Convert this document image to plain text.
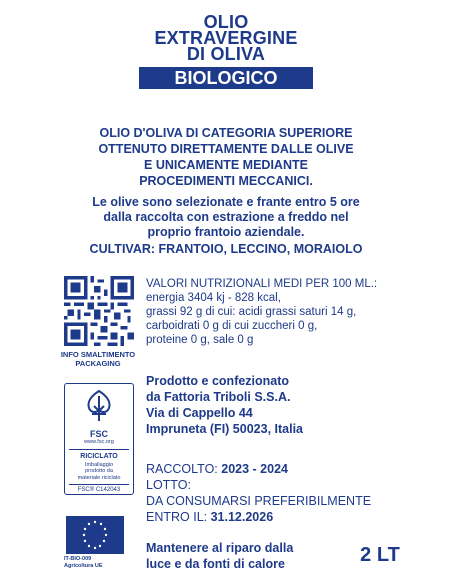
OLIO
EXTRAVERGINE
DI OLIVA
BIOLOGICO
OLIO D'OLIVA DI CATEGORIA SUPERIORE
OTTENUTO DIRETTAMENTE DALLE OLIVE
E UNICAMENTE MEDIANTE
PROCEDIMENTI MECCANICI.
Le olive sono selezionate e frante entro 5 ore
dalla raccolta con estrazione a freddo nel
proprio frantoio aziendale.
CULTIVAR: FRANTOIO, LECCINO, MORAIOLO
INFO SMALTIMENTO
PACKAGING
VALORI NUTRIZIONALI MEDI PER 100 ML.:
energia 3404 kj - 828 kcal,
grassi 92 g di cui: acidi grassi saturi 14 g,
carboidrati 0 g di cui zuccheri 0 g,
proteine 0 g, sale 0 g
FSC
www.fsc.org
RICICLATO
Imballaggio
prodotto da
materiale riciclato
FSC® C142043
Prodotto e confezionato
da Fattoria Triboli S.S.A.
Via di Cappello 44
Impruneta (FI) 50023, Italia
RACCOLTO: 2023 - 2024
LOTTO:
DA CONSUMARSI PREFERIBILMENTE
ENTRO IL: 31.12.2026
IT-BIO-009
Agricoltura UE
Mantenere al riparo dalla
luce e da fonti di calore	2 LT
